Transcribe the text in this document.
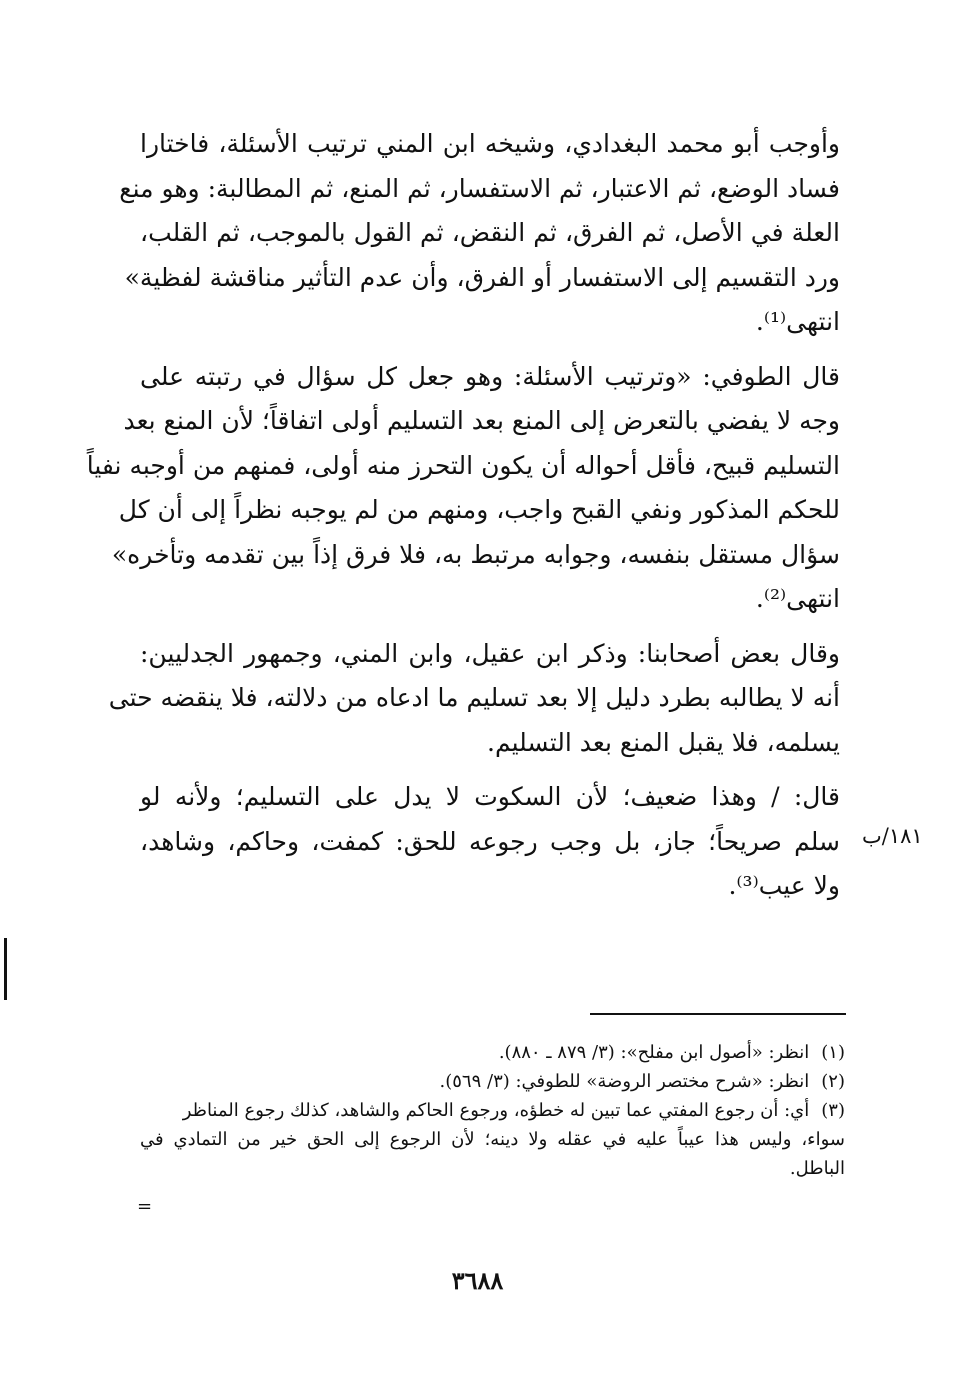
وأوجب أبو محمد البغدادي، وشيخه ابن المني ترتيب الأسئلة، فاختارا
فساد الوضع، ثم الاعتبار، ثم الاستفسار، ثم المنع، ثم المطالبة: وهو منع
العلة في الأصل، ثم الفرق، ثم النقض، ثم القول بالموجب، ثم القلب،
ورد التقسيم إلى الاستفسار أو الفرق، وأن عدم التأثير مناقشة لفظية»
انتهى⁽¹⁾.
قال الطوفي: «وترتيب الأسئلة: وهو جعل كل سؤال في رتبته على
وجه لا يفضي بالتعرض إلى المنع بعد التسليم أولى اتفاقاً؛ لأن المنع بعد
التسليم قبيح، فأقل أحواله أن يكون التحرز منه أولى، فمنهم من أوجبه نفياً
للحكم المذكور ونفي القبح واجب، ومنهم من لم يوجبه نظراً إلى أن كل
سؤال مستقل بنفسه، وجوابه مرتبط به، فلا فرق إذاً بين تقدمه وتأخره»
انتهى⁽²⁾.
وقال بعض أصحابنا: وذكر ابن عقيل، وابن المني، وجمهور الجدليين:
أنه لا يطالبه بطرد دليل إلا بعد تسليم ما ادعاه من دلالته، فلا ينقضه حتى
يسلمه، فلا يقبل المنع بعد التسليم.
قال: / وهذا ضعيف؛ لأن السكوت لا يدل على التسليم؛ ولأنه لو
سلم صريحاً؛ جاز، بل وجب رجوعه للحق: كمفت، وحاكم، وشاهد،
ولا عيب⁽³⁾.
١٨١/ب
(١) انظر: «أصول ابن مفلح»: (٣/ ٨٧٩ ـ ٨٨٠).
(٢) انظر: «شرح مختصر الروضة» للطوفي: (٣/ ٥٦٩).
(٣) أي: أن رجوع المفتي عما تبين له خطؤه، ورجوع الحاكم والشاهد، كذلك رجوع المناظر
سواء، وليس هذا عيباً عليه في عقله ولا دينه؛ لأن الرجوع إلى الحق خير من التمادي في
الباطل.
=
٣٦٨٨
